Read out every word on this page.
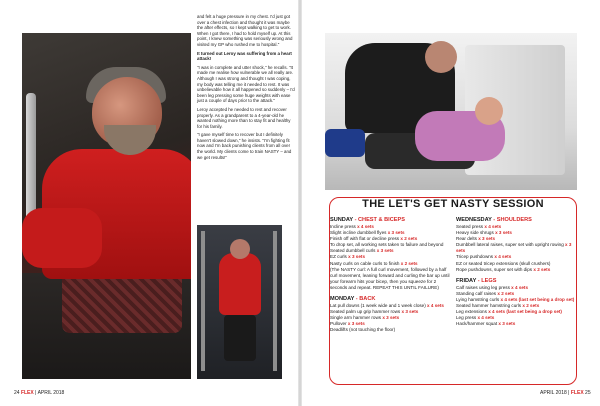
and felt a huge pressure in my chest. I'd just got over a chest infection and thought it was maybe the after effects, so I kept walking to get to work. When I got there, I had to hold myself up. At this point, I knew something was seriously wrong and visited my GP who rushed me to hospital."

It turned out Leroy was suffering from a heart attack!

"I was in complete and utter shock," he recalls. "It made me realise how vulnerable we all really are. Although I was strong and thought I was coping, my body was telling me it needed to rest. It was unbelievable how it all happened so suddenly – I'd been leg pressing some huge weights with ease just a couple of days prior to the attack."

Leroy accepted he needed to rest and recover properly. As a grandparent to a 4-year-old he wanted nothing more than to stay fit and healthy for his family.

"I gave myself time to recover but I definitely haven't slowed down," he insists. "I'm fighting fit now and I'm back punishing clients from all over the world. My clients come to train NASTY – and we get results!"

24 FLEX | APRIL 2018
THE LET'S GET NASTY SESSION
SUNDAY - CHEST & BICEPS
Incline press x 4 sets
Slight incline dumbbell flyes x 3 sets
Finish off with flat or decline press x 2 sets
To drop set, all working sets taken to failure and beyond
Seated dumbbell curls x 3 sets
EZ curls x 3 sets
Nasty curls on cable curls to finish x 2 sets
(The NASTY curl: A full curl movement, followed by a half curl movement, leaning forward and curling the bar up until your forearm hits your bicep, then you squeeze for 2 seconds and repeat. REPEAT THIS UNTIL FAILURE)
MONDAY - BACK
Lat pull downs (1 week wide and 1 week close) x 4 sets
Seated palm up grip hammer rows x 3 sets
Single arm hammer rows x 3 sets
Pullover x 3 sets
Deadlifts (not touching the floor)
WEDNESDAY - SHOULDERS
Seated press x 4 sets
Heavy side shrugs x 3 sets
Rear delts x 3 sets
Dumbbell lateral raises, super set with upright rowing x 3 sets
Tricep pushdowns x 4 sets
EZ or seated tricep extensions (skull crushers)
Rope pushdowns, super set with dips x 2 sets
FRIDAY - LEGS
Calf raises using leg press x 4 sets
Standing calf raises x 2 sets
Lying hamstring curls x 4 sets (last set being a drop set)
Seated hammer hamstring curls x 2 sets
Leg extensions x 4 sets (last set being a drop set)
Leg press x 4 sets
Hack/hammer squat x 3 sets
APRIL 2018 | FLEX 25
